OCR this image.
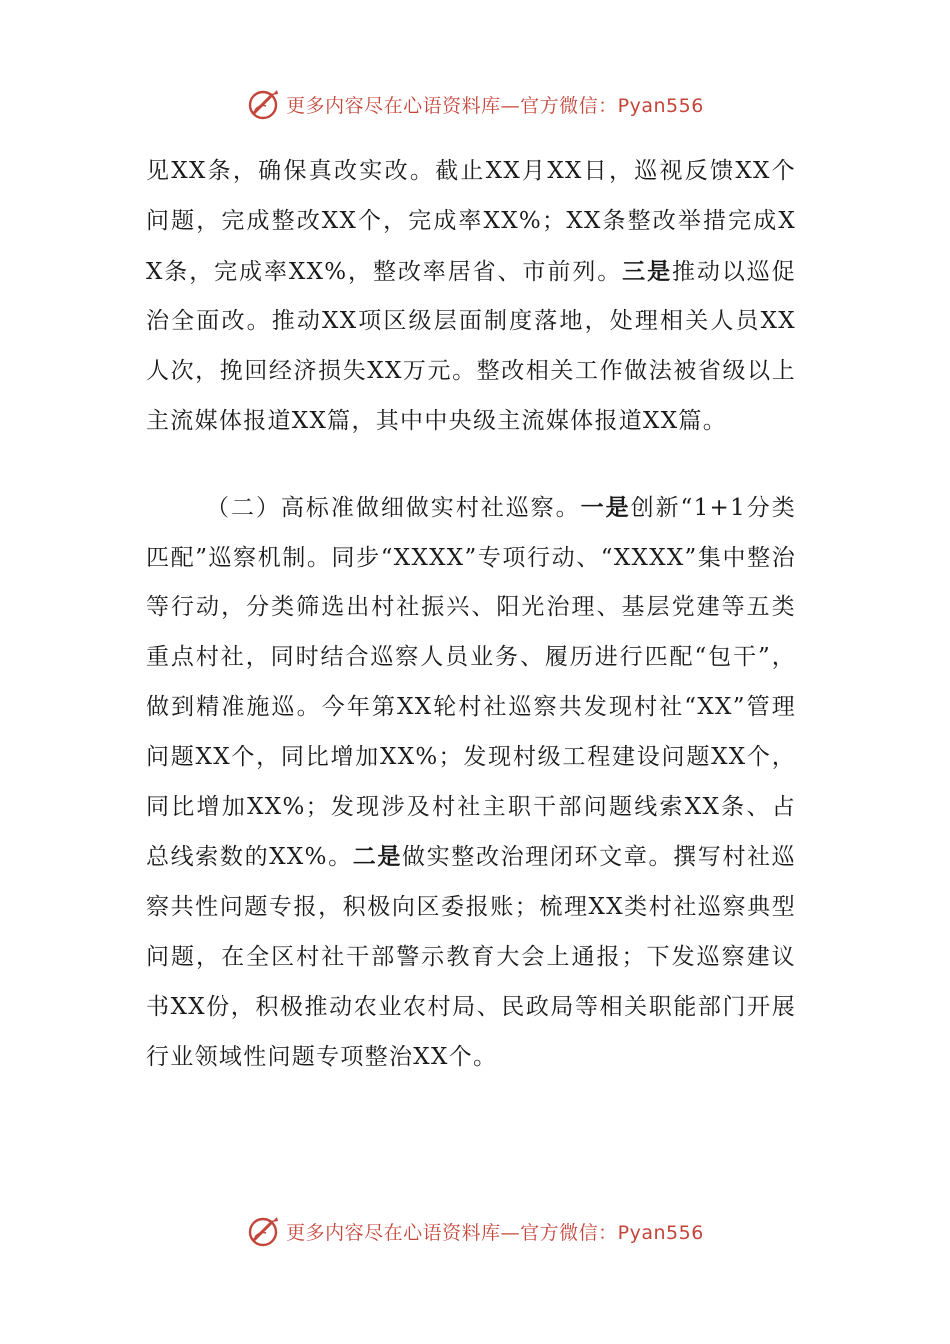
更多内容尽在心语资料库—官方微信：Pyan556

见XX条，确保真改实改。截止XX月XX日，巡视反馈XX个问题，完成整改XX个，完成率XX%；XX条整改举措完成XX条，完成率XX%，整改率居省、市前列。三是推动以巡促治全面改。推动XX项区级层面制度落地，处理相关人员XX人次，挽回经济损失XX万元。整改相关工作做法被省级以上主流媒体报道XX篇，其中中央级主流媒体报道XX篇。

（二）高标准做细做实村社巡察。一是创新“1+1分类匹配”巡察机制。同步“XXXX”专项行动、“XXXX”集中整治等行动，分类筛选出村社振兴、阳光治理、基层党建等五类重点村社，同时结合巡察人员业务、履历进行匹配“包干”，做到精准施巡。今年第XX轮村社巡察共发现村社“XX”管理问题XX个，同比增加XX%；发现村级工程建设问题XX个，同比增加XX%；发现涉及村社主职干部问题线索XX条、占总线索数的XX%。二是做实整改治理闭环文章。撰写村社巡察共性问题专报，积极向区委报账；梳理XX类村社巡察典型问题，在全区村社干部警示教育大会上通报；下发巡察建议书XX份，积极推动农业农村局、民政局等相关职能部门开展行业领域性问题专项整治XX个。

更多内容尽在心语资料库—官方微信：Pyan556
